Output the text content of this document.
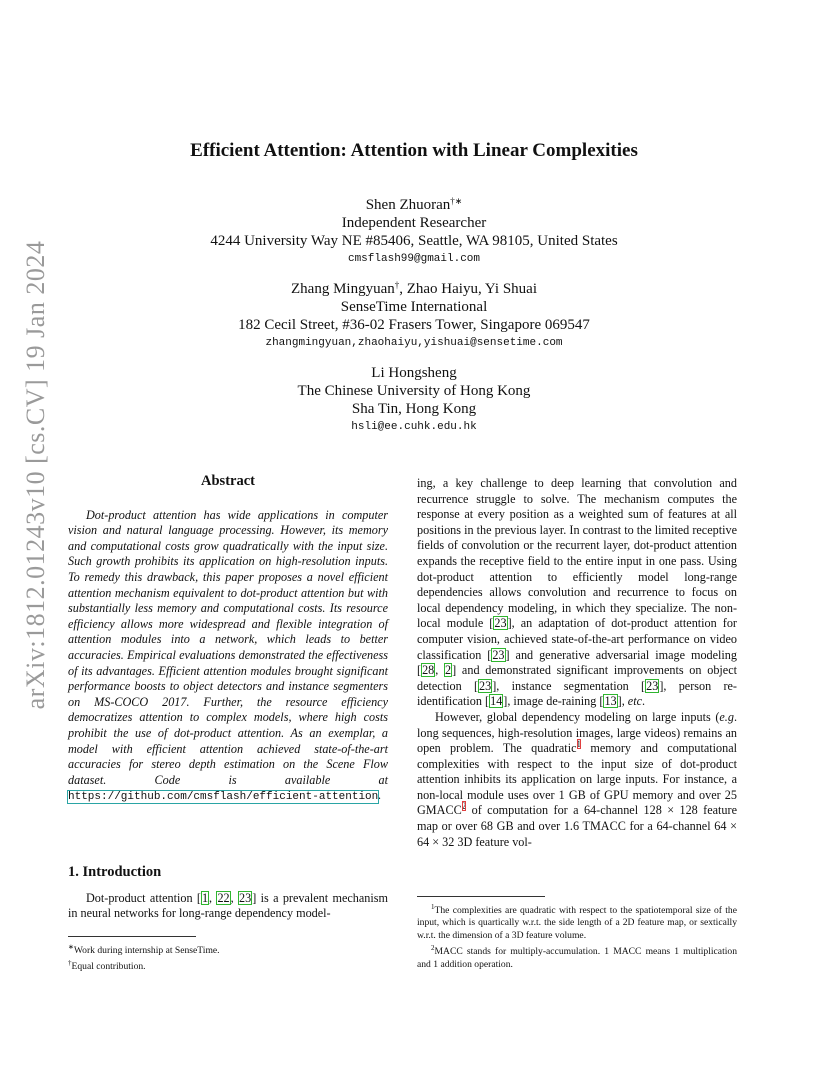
arXiv:1812.01243v10 [cs.CV] 19 Jan 2024
Efficient Attention: Attention with Linear Complexities
Shen Zhuoran†∗
Independent Researcher
4244 University Way NE #85406, Seattle, WA 98105, United States
cmsflash99@gmail.com
Zhang Mingyuan†, Zhao Haiyu, Yi Shuai
SenseTime International
182 Cecil Street, #36-02 Frasers Tower, Singapore 069547
zhangmingyuan,zhaohaiyu,yishuai@sensetime.com
Li Hongsheng
The Chinese University of Hong Kong
Sha Tin, Hong Kong
hsli@ee.cuhk.edu.hk
Abstract

Dot-product attention has wide applications in computer vision and natural language processing. However, its memory and computational costs grow quadratically with the input size. Such growth prohibits its application on high-resolution inputs. To remedy this drawback, this paper proposes a novel efficient attention mechanism equivalent to dot-product attention but with substantially less memory and computational costs. Its resource efficiency allows more widespread and flexible integration of attention modules into a network, which leads to better accuracies. Empirical evaluations demonstrated the effectiveness of its advantages. Efficient attention modules brought significant performance boosts to object detectors and instance segmenters on MS-COCO 2017. Further, the resource efficiency democratizes attention to complex models, where high costs prohibit the use of dot-product attention. As an exemplar, a model with efficient attention achieved state-of-the-art accuracies for stereo depth estimation on the Scene Flow dataset. Code is available at https://github.com/cmsflash/efficient-attention.

1. Introduction

Dot-product attention [1, 22, 23] is a prevalent mechanism in neural networks for long-range dependency model-

∗Work during internship at SenseTime.
†Equal contribution.

ing, a key challenge to deep learning that convolution and recurrence struggle to solve. The mechanism computes the response at every position as a weighted sum of features at all positions in the previous layer. In contrast to the limited receptive fields of convolution or the recurrent layer, dot-product attention expands the receptive field to the entire input in one pass. Using dot-product attention to efficiently model long-range dependencies allows convolution and recurrence to focus on local dependency modeling, in which they specialize. The non-local module [23], an adaptation of dot-product attention for computer vision, achieved state-of-the-art performance on video classification [23] and generative adversarial image modeling [28, 2] and demonstrated significant improvements on object detection [23], instance segmentation [23], person re-identification [14], image de-raining [13], etc.

However, global dependency modeling on large inputs (e.g. long sequences, high-resolution images, large videos) remains an open problem. The quadratic$^1$ memory and computational complexities with respect to the input size of dot-product attention inhibits its application on large inputs. For instance, a non-local module uses over 1 GB of GPU memory and over 25 GMACC$^2$ of computation for a 64-channel 128 × 128 feature map or over 68 GB and over 1.6 TMACC for a 64-channel 64 × 64 × 32 3D feature vol-

$^1$The complexities are quadratic with respect to the spatiotemporal size of the input, which is quartically w.r.t. the side length of a 2D feature map, or sextically w.r.t. the dimension of a 3D feature volume.
$^2$MACC stands for multiply-accumulation. 1 MACC means 1 multiplication and 1 addition operation.
